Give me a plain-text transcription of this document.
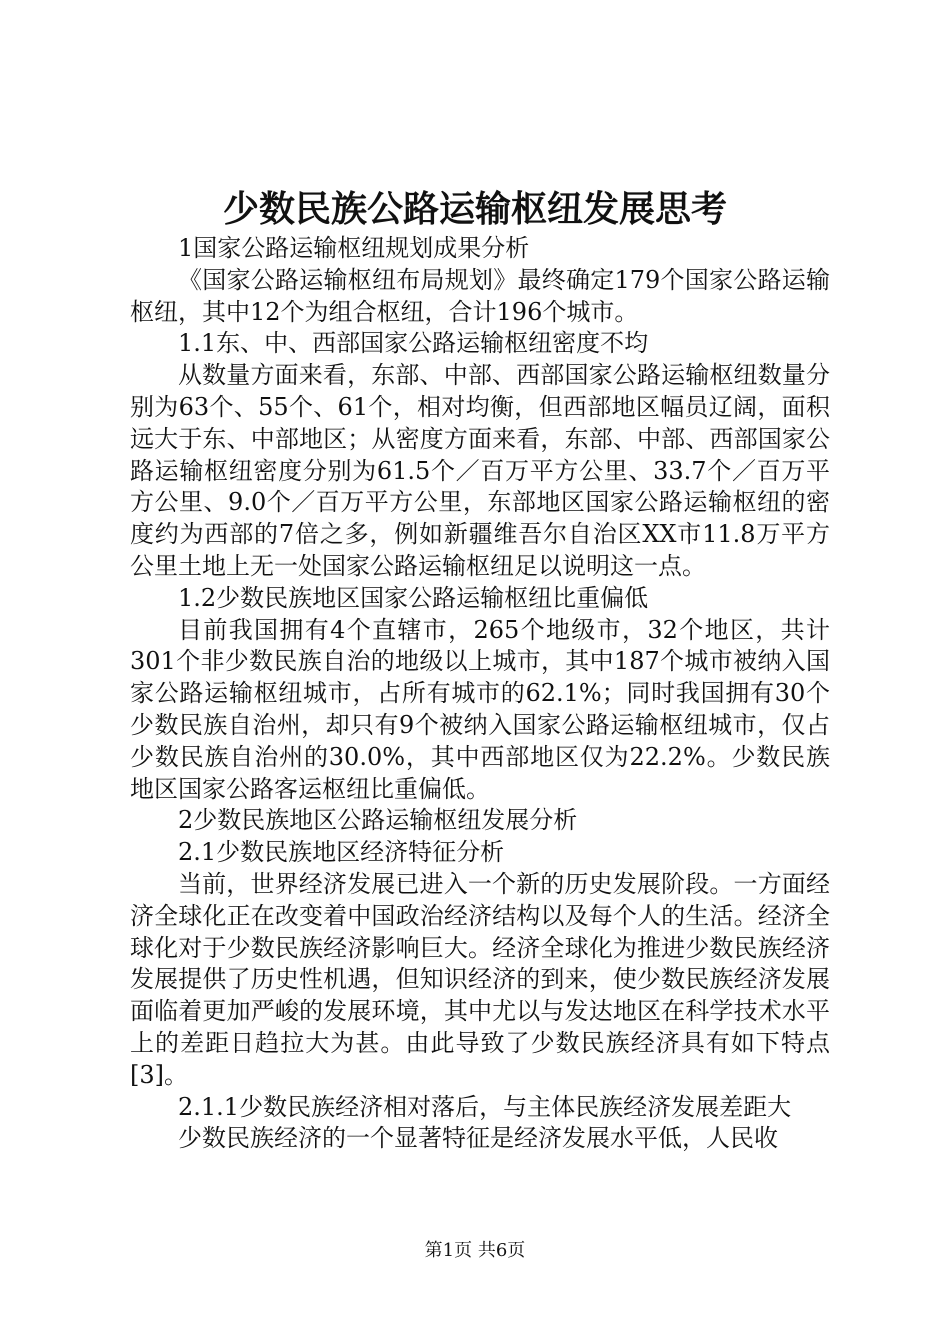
少数民族公路运输枢纽发展思考

1国家公路运输枢纽规划成果分析

《国家公路运输枢纽布局规划》最终确定179个国家公路运输枢纽，其中12个为组合枢纽，合计196个城市。

1.1东、中、西部国家公路运输枢纽密度不均

从数量方面来看，东部、中部、西部国家公路运输枢纽数量分别为63个、55个、61个，相对均衡，但西部地区幅员辽阔，面积远大于东、中部地区；从密度方面来看，东部、中部、西部国家公路运输枢纽密度分别为61.5个／百万平方公里、33.7个／百万平方公里、9.0个／百万平方公里，东部地区国家公路运输枢纽的密度约为西部的7倍之多，例如新疆维吾尔自治区XX市11.8万平方公里土地上无一处国家公路运输枢纽足以说明这一点。

1.2少数民族地区国家公路运输枢纽比重偏低

目前我国拥有4个直辖市，265个地级市，32个地区，共计301个非少数民族自治的地级以上城市，其中187个城市被纳入国家公路运输枢纽城市，占所有城市的62.1%；同时我国拥有30个少数民族自治州，却只有9个被纳入国家公路运输枢纽城市，仅占少数民族自治州的30.0%，其中西部地区仅为22.2%。少数民族地区国家公路客运枢纽比重偏低。

2少数民族地区公路运输枢纽发展分析

2.1少数民族地区经济特征分析

当前，世界经济发展已进入一个新的历史发展阶段。一方面经济全球化正在改变着中国政治经济结构以及每个人的生活。经济全球化对于少数民族经济影响巨大。经济全球化为推进少数民族经济发展提供了历史性机遇，但知识经济的到来，使少数民族经济发展面临着更加严峻的发展环境，其中尤以与发达地区在科学技术水平上的差距日趋拉大为甚。由此导致了少数民族经济具有如下特点[3]。

2.1.1少数民族经济相对落后，与主体民族经济发展差距大

少数民族经济的一个显著特征是经济发展水平低，人民收

第1页 共6页
